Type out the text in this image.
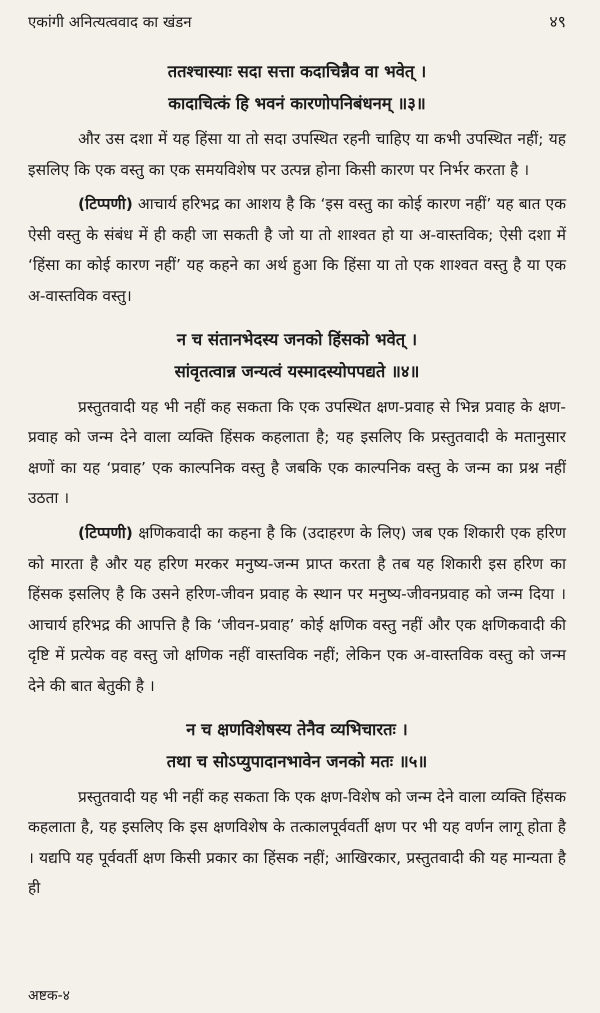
एकांगी अनित्यत्ववाद का खंडन	४९
ततश्चास्याः सदा सत्ता कदाचिन्नैव वा भवेत् ।
कादाचित्कं हि भवनं कारणोपनिबंधनम् ॥३॥

और उस दशा में यह हिंसा या तो सदा उपस्थित रहनी चाहिए या कभी उपस्थित नहीं; यह इसलिए कि एक वस्तु का एक समयविशेष पर उत्पन्न होना किसी कारण पर निर्भर करता है ।

(टिप्पणी) आचार्य हरिभद्र का आशय है कि ‘इस वस्तु का कोई कारण नहीं’ यह बात एक ऐसी वस्तु के संबंध में ही कही जा सकती है जो या तो शाश्वत हो या अ-वास्तविक; ऐसी दशा में ‘हिंसा का कोई कारण नहीं’ यह कहने का अर्थ हुआ कि हिंसा या तो एक शाश्वत वस्तु है या एक अ-वास्तविक वस्तु।

न च संतानभेदस्य जनको हिंसको भवेत् ।
सांवृतत्वान्न जन्यत्वं यस्मादस्योपपद्यते ॥४॥

प्रस्तुतवादी यह भी नहीं कह सकता कि एक उपस्थित क्षण-प्रवाह से भिन्न प्रवाह के क्षण-प्रवाह को जन्म देने वाला व्यक्ति हिंसक कहलाता है; यह इसलिए कि प्रस्तुतवादी के मतानुसार क्षणों का यह ‘प्रवाह’ एक काल्पनिक वस्तु है जबकि एक काल्पनिक वस्तु के जन्म का प्रश्न नहीं उठता ।

(टिप्पणी) क्षणिकवादी का कहना है कि (उदाहरण के लिए) जब एक शिकारी एक हरिण को मारता है और यह हरिण मरकर मनुष्य-जन्म प्राप्त करता है तब यह शिकारी इस हरिण का हिंसक इसलिए है कि उसने हरिण-जीवन प्रवाह के स्थान पर मनुष्य-जीवनप्रवाह को जन्म दिया । आचार्य हरिभद्र की आपत्ति है कि ‘जीवन-प्रवाह’ कोई क्षणिक वस्तु नहीं और एक क्षणिकवादी की दृष्टि में प्रत्येक वह वस्तु जो क्षणिक नहीं वास्तविक नहीं; लेकिन एक अ-वास्तविक वस्तु को जन्म देने की बात बेतुकी है ।

न च क्षणविशेषस्य तेनैव व्यभिचारतः ।
तथा च सोऽप्युपादानभावेन जनको मतः ॥५॥

प्रस्तुतवादी यह भी नहीं कह सकता कि एक क्षण-विशेष को जन्म देने वाला व्यक्ति हिंसक कहलाता है, यह इसलिए कि इस क्षणविशेष के तत्कालपूर्ववर्ती क्षण पर भी यह वर्णन लागू होता है । यद्यपि यह पूर्ववर्ती क्षण किसी प्रकार का हिंसक नहीं; आखिरकार, प्रस्तुतवादी की यह मान्यता है ही

अष्टक-४
